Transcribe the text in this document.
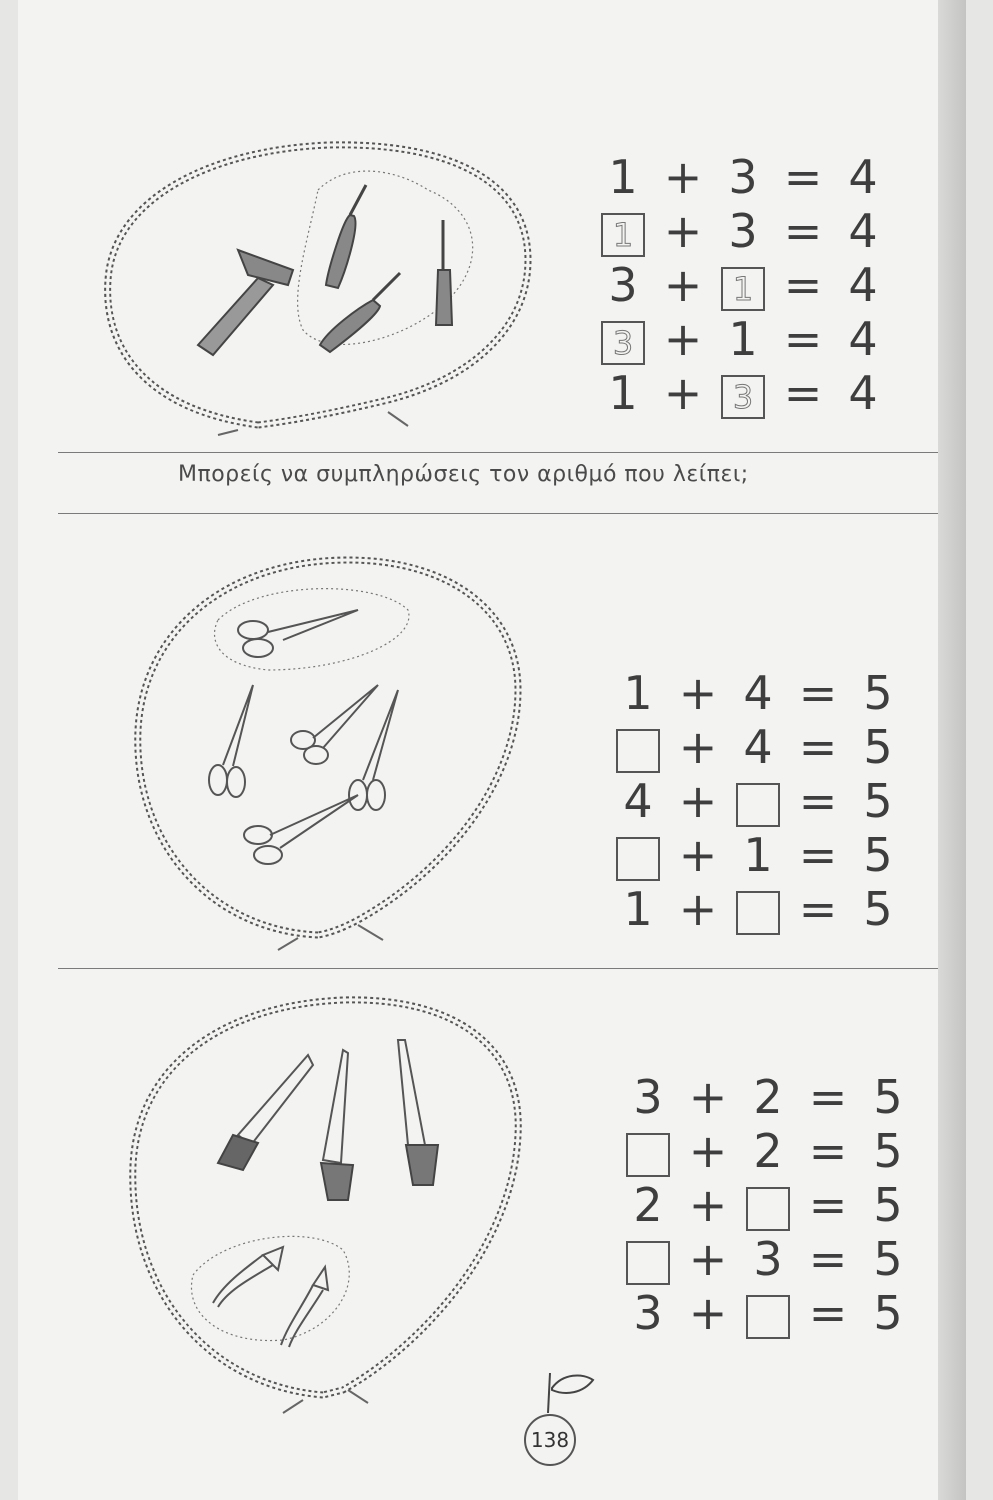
1 + 3 = 4
1 + 3 = 4
3 + 1 = 4
3 + 1 = 4
1 + 3 = 4
Μπορείς να συμπληρώσεις τον αριθμό που λείπει;
1 + 4 = 5
+ 4 = 5
4 + = 5
+ 1 = 5
1 + = 5
3 + 2 = 5
+ 2 = 5
2 + = 5
+ 3 = 5
3 + = 5
138
